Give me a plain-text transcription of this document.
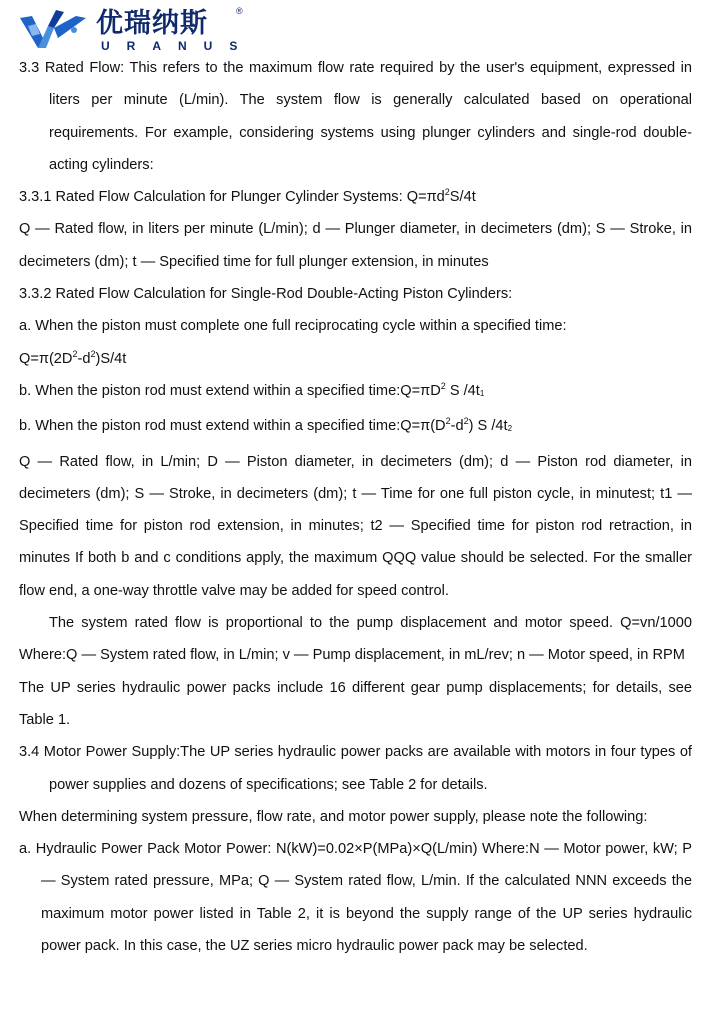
优瑞纳斯	®
URANUS

3.3 Rated Flow: This refers to the maximum flow rate required by the user's equipment, expressed in liters per minute (L/min). The system flow is generally calculated based on operational requirements. For example, considering systems using plunger cylinders and single-rod double-acting cylinders:

3.3.1 Rated Flow Calculation for Plunger Cylinder Systems: $Q=\pi d^2S/4t$

Q — Rated flow, in liters per minute (L/min); d — Plunger diameter, in decimeters (dm); S — Stroke, in decimeters (dm); t — Specified time for full plunger extension, in minutes

3.3.2 Rated Flow Calculation for Single-Rod Double-Acting Piston Cylinders:

a. When the piston must complete one full reciprocating cycle within a specified time:

$Q=\pi(2D^2-d^2)S/4t$

b. When the piston rod must extend within a specified $time:Q=\pi D^2$ S /4t1

b. When the piston rod must extend within a specified $time:Q=\pi(D^2-d^2)$ S /4t2

Q — Rated flow, in L/min; D — Piston diameter, in decimeters (dm); d — Piston rod diameter, in decimeters (dm); S — Stroke, in decimeters (dm); t — Time for one full piston cycle, in minutest; t1 — Specified time for piston rod extension, in minutes; t2 — Specified time for piston rod retraction, in minutes If both b and c conditions apply, the maximum QQQ value should be selected. For the smaller flow end, a one-way throttle valve may be added for speed control.

The system rated flow is proportional to the pump displacement and motor speed. Q=vn/1000 Where:Q — System rated flow, in L/min; v — Pump displacement, in mL/rev; n — Motor speed, in RPM

The UP series hydraulic power packs include 16 different gear pump displacements; for details, see Table 1.

3.4 Motor Power Supply:The UP series hydraulic power packs are available with motors in four types of power supplies and dozens of specifications; see Table 2 for details.

When determining system pressure, flow rate, and motor power supply, please note the following:

a. Hydraulic Power Pack Motor Power: N(kW)=0.02×P(MPa)×Q(L/min) Where:N — Motor power, kW; P — System rated pressure, MPa; Q — System rated flow, L/min. If the calculated NNN exceeds the maximum motor power listed in Table 2, it is beyond the supply range of the UP series hydraulic power pack. In this case, the UZ series micro hydraulic power pack may be selected.
